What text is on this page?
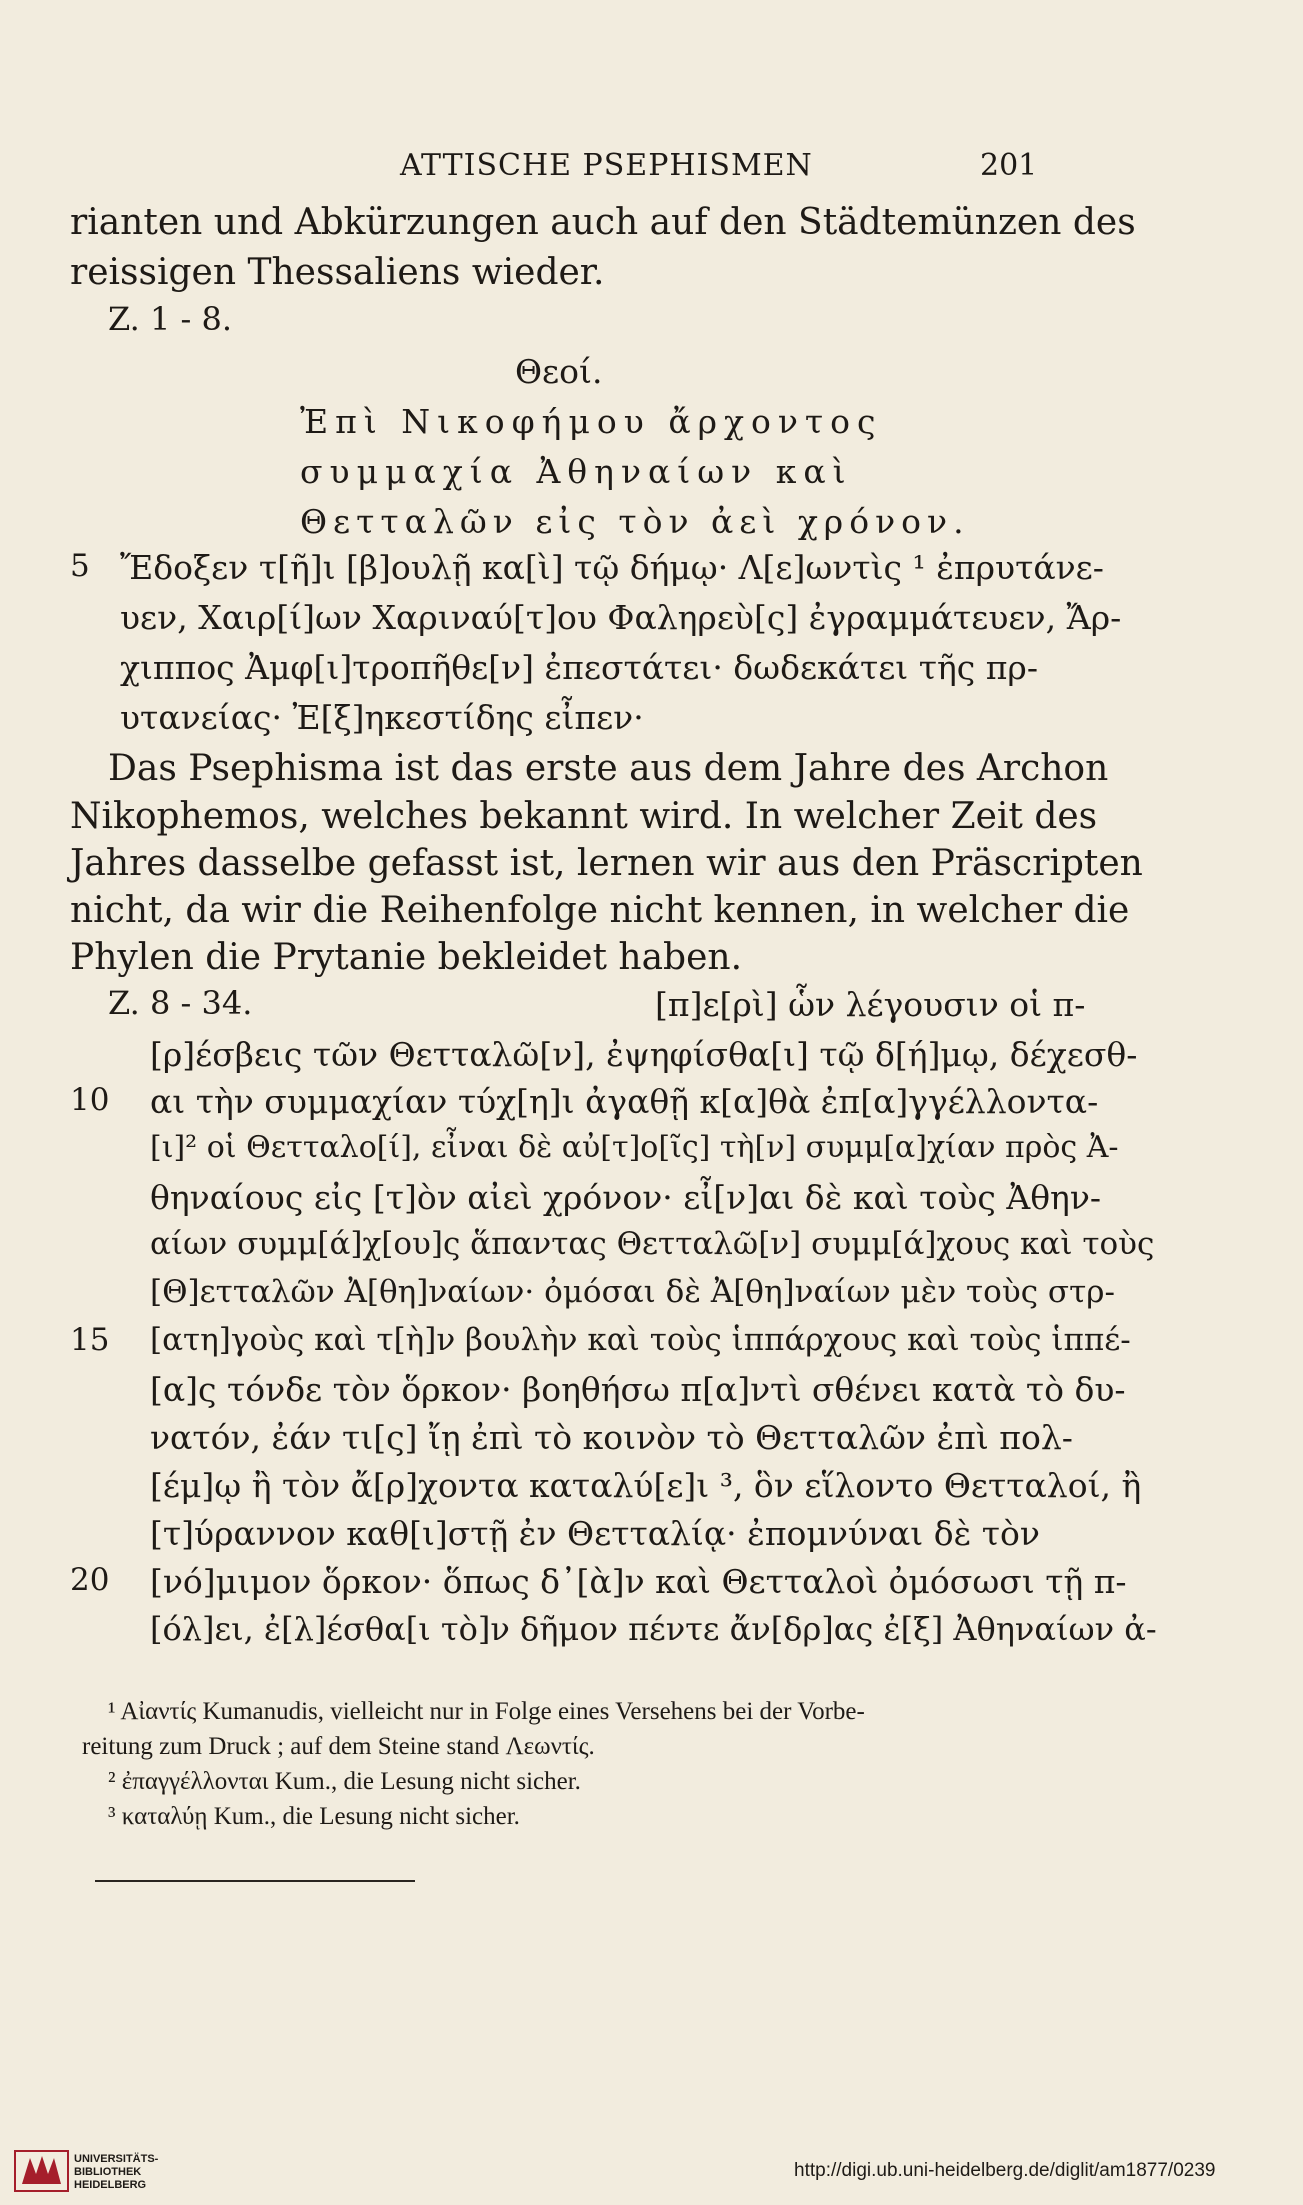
ATTISCHE PSEPHISMEN	201
rianten und Abkürzungen auch auf den Städtemünzen des
reissigen Thessaliens wieder.
Z. 1 - 8.
Θεοί.
Ἐπὶ Νικοφήμου ἄρχοντος
συμμαχία Ἀθηναίων καὶ
Θετταλῶν εἰς τὸν ἀεὶ χρόνον.
5 Ἔδοξεν τ[ῆ]ι [β]ουλῇ κα[ὶ] τῷ δήμῳ· Λ[ε]ωντὶς ¹ ἐπρυτάνε-
υεν, Χαιρ[ί]ων Χαριναύ[τ]ου Φαληρεὺ[ς] ἐγραμμάτευεν, Ἄρ-
χιππος Ἀμφ[ι]τροπῆθε[ν] ἐπεστάτει· δωδεκάτει τῆς πρ-
υτανείας· Ἐ[ξ]ηκεστίδης εἶπεν·
Das Psephisma ist das erste aus dem Jahre des Archon
Nikophemos, welches bekannt wird. In welcher Zeit des
Jahres dasselbe gefasst ist, lernen wir aus den Präscripten
nicht, da wir die Reihenfolge nicht kennen, in welcher die
Phylen die Prytanie bekleidet haben.
Z. 8 - 34.	[π]ε[ρὶ] ὧν λέγουσιν οἱ π-
[ρ]έσβεις τῶν Θετταλῶ[ν], ἐψηφίσθα[ι] τῷ δ[ή]μῳ, δέχεσθ-
10 αι τὴν συμμαχίαν τύχ[η]ι ἀγαθῇ κ[α]θὰ ἐπ[α]γγέλλοντα-
[ι]² οἱ Θετταλο[ί], εἶναι δὲ αὐ[τ]ο[ῖς] τὴ[ν] συμμ[α]χίαν πρὸς Ἀ-
θηναίους εἰς [τ]ὸν αἰεὶ χρόνον· εἶ[ν]αι δὲ καὶ τοὺς Ἀθην-
αίων συμμ[ά]χ[ου]ς ἅπαντας Θετταλῶ[ν] συμμ[ά]χους καὶ τοὺς
[Θ]ετταλῶν Ἀ[θη]ναίων· ὀμόσαι δὲ Ἀ[θη]ναίων μὲν τοὺς στρ-
15 [ατη]γοὺς καὶ τ[ὴ]ν βουλὴν καὶ τοὺς ἱππάρχους καὶ τοὺς ἱππέ-
[α]ς τόνδε τὸν ὅρκον· βοηθήσω π[α]ντὶ σθένει κατὰ τὸ δυ-
νατόν, ἐάν τι[ς] ἴῃ ἐπὶ τὸ κοινὸν τὸ Θετταλῶν ἐπὶ πολ-
[έμ]ῳ ἢ τὸν ἄ[ρ]χοντα καταλύ[ε]ι ³, ὃν εἵλοντο Θετταλοί, ἢ
[τ]ύραννον καθ[ι]στῇ ἐν Θετταλίᾳ· ἐπομνύναι δὲ τὸν
20 [νό]μιμον ὅρκον· ὅπως δ᾽[ὰ]ν καὶ Θετταλοὶ ὀμόσωσι τῇ π-
[όλ]ει, ἐ[λ]έσθα[ι τὸ]ν δῆμον πέντε ἄν[δρ]ας ἐ[ξ] Ἀθηναίων ἀ-
¹ Αἰαντίς Kumanudis, vielleicht nur in Folge eines Versehens bei der Vorbe-
reitung zum Druck ; auf dem Steine stand Λεωντίς.
² ἐπαγγέλλονται Kum., die Lesung nicht sicher.
³ καταλύῃ Kum., die Lesung nicht sicher.
UNIVERSITÄTS-
BIBLIOTHEK
HEIDELBERG
http://digi.ub.uni-heidelberg.de/diglit/am1877/0239
